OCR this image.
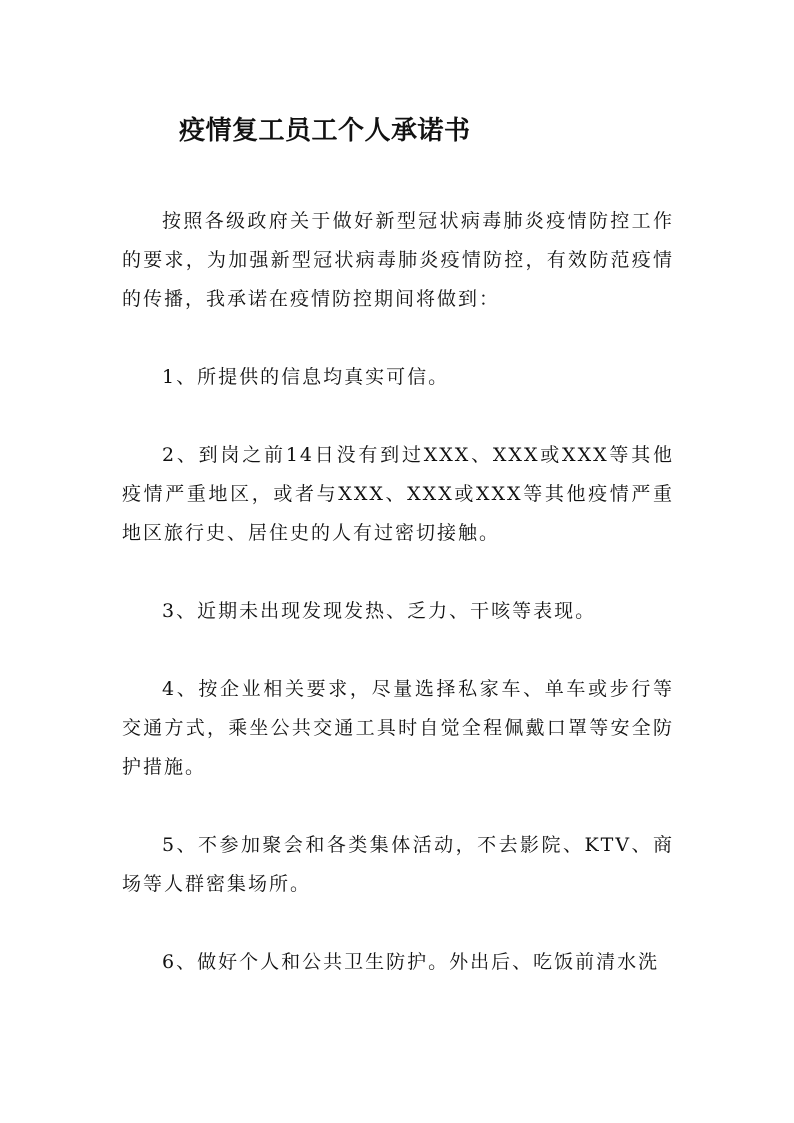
疫情复工员工个人承诺书

按照各级政府关于做好新型冠状病毒肺炎疫情防控工作的要求，为加强新型冠状病毒肺炎疫情防控，有效防范疫情的传播，我承诺在疫情防控期间将做到：

1、所提供的信息均真实可信。

2、到岗之前14日没有到过XXX、XXX或XXX等其他疫情严重地区，或者与XXX、XXX或XXX等其他疫情严重地区旅行史、居住史的人有过密切接触。

3、近期未出现发现发热、乏力、干咳等表现。

4、按企业相关要求，尽量选择私家车、单车或步行等交通方式，乘坐公共交通工具时自觉全程佩戴口罩等安全防护措施。

5、不参加聚会和各类集体活动，不去影院、KTV、商场等人群密集场所。

6、做好个人和公共卫生防护。外出后、吃饭前清水洗
